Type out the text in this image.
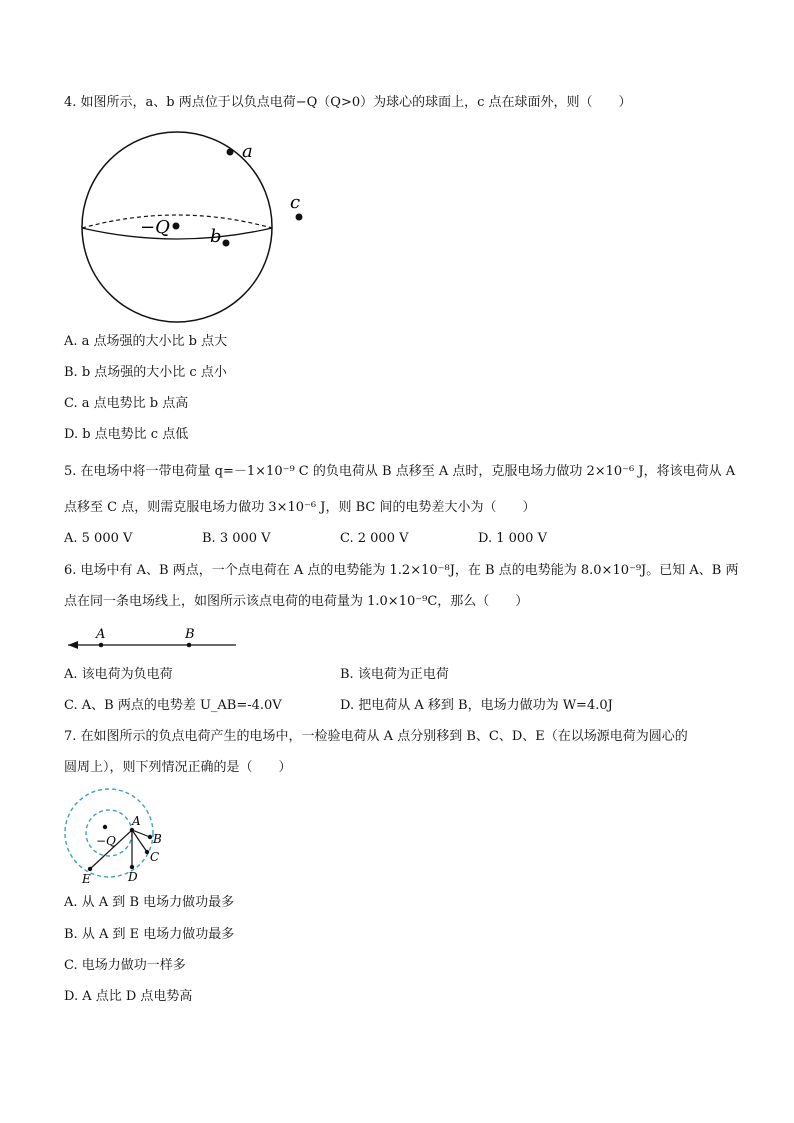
4. 如图所示，a、b 两点位于以负点电荷−Q（Q>0）为球心的球面上，c 点在球面外，则（　　）
a
−Q b
c
A. a 点场强的大小比 b 点大
B. b 点场强的大小比 c 点小
C. a 点电势比 b 点高
D. b 点电势比 c 点低
5. 在电场中将一带电荷量 q=－1×10⁻⁹ C 的负电荷从 B 点移至 A 点时，克服电场力做功 2×10⁻⁶ J，将该电荷从 A
点移至 C 点，则需克服电场力做功 3×10⁻⁶ J，则 BC 间的电势差大小为（　　）
A. 5 000 V	B. 3 000 V	C. 2 000 V	D. 1 000 V
6. 电场中有 A、B 两点，一个点电荷在 A 点的电势能为 1.2×10⁻⁸J，在 B 点的电势能为 8.0×10⁻⁹J。已知 A、B 两
点在同一条电场线上，如图所示该点电荷的电荷量为 1.0×10⁻⁹C，那么（　　）
A	B
A. 该电荷为负电荷	B. 该电荷为正电荷
C. A、B 两点的电势差 U_AB=-4.0V	D. 把电荷从 A 移到 B，电场力做功为 W=4.0J
7. 在如图所示的负点电荷产生的电场中，一检验电荷从 A 点分别移到 B、C、D、E（在以场源电荷为圆心的
圆周上），则下列情况正确的是（　　）
−Q
A
B
C
D
E
A. 从 A 到 B 电场力做功最多
B. 从 A 到 E 电场力做功最多
C. 电场力做功一样多
D. A 点比 D 点电势高
